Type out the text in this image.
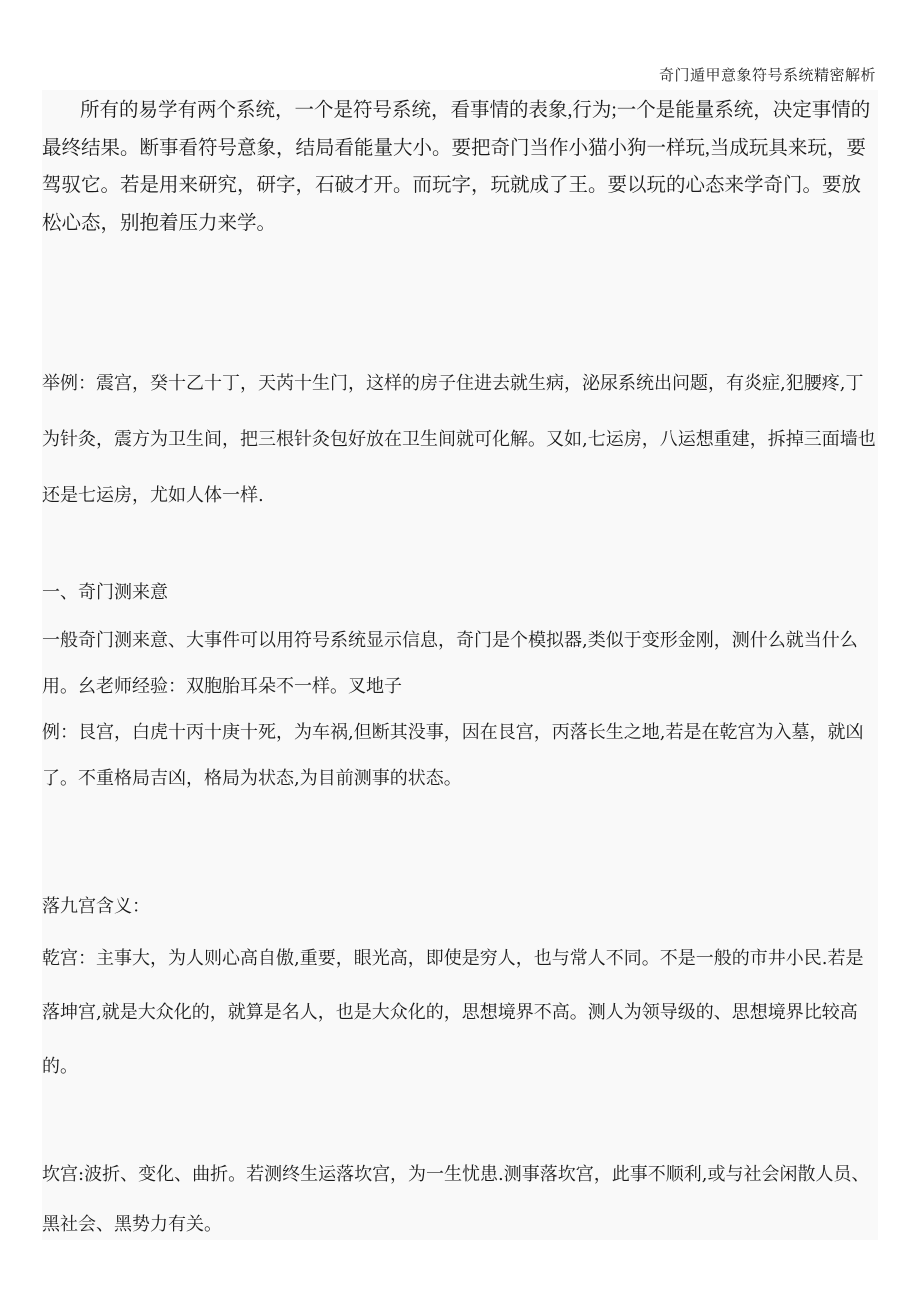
奇门遁甲意象符号系统精密解析

所有的易学有两个系统，一个是符号系统，看事情的表象,行为;一个是能量系统，决定事情的最终结果。断事看符号意象，结局看能量大小。要把奇门当作小猫小狗一样玩,当成玩具来玩，要驾驭它。若是用来研究，研字，石破才开。而玩字，玩就成了王。要以玩的心态来学奇门。要放松心态，别抱着压力来学。

举例：震宫，癸十乙十丁，天芮十生门，这样的房子住进去就生病，泌尿系统出问题，有炎症,犯腰疼,丁为针灸，震方为卫生间，把三根针灸包好放在卫生间就可化解。又如,七运房，八运想重建，拆掉三面墙也还是七运房，尤如人体一样.

一、奇门测来意

一般奇门测来意、大事件可以用符号系统显示信息，奇门是个模拟器,类似于变形金刚，测什么就当什么用。幺老师经验：双胞胎耳朵不一样。叉地子
例：艮宫，白虎十丙十庚十死，为车祸,但断其没事，因在艮宫，丙落长生之地,若是在乾宫为入墓，就凶了。不重格局吉凶，格局为状态,为目前测事的状态。

落九宫含义：

乾宫：主事大，为人则心高自傲,重要，眼光高，即使是穷人，也与常人不同。不是一般的市井小民.若是落坤宫,就是大众化的，就算是名人，也是大众化的，思想境界不高。测人为领导级的、思想境界比较高的。

坎宫:波折、变化、曲折。若测终生运落坎宫，为一生忧患.测事落坎宫，此事不顺利,或与社会闲散人员、黑社会、黑势力有关。
